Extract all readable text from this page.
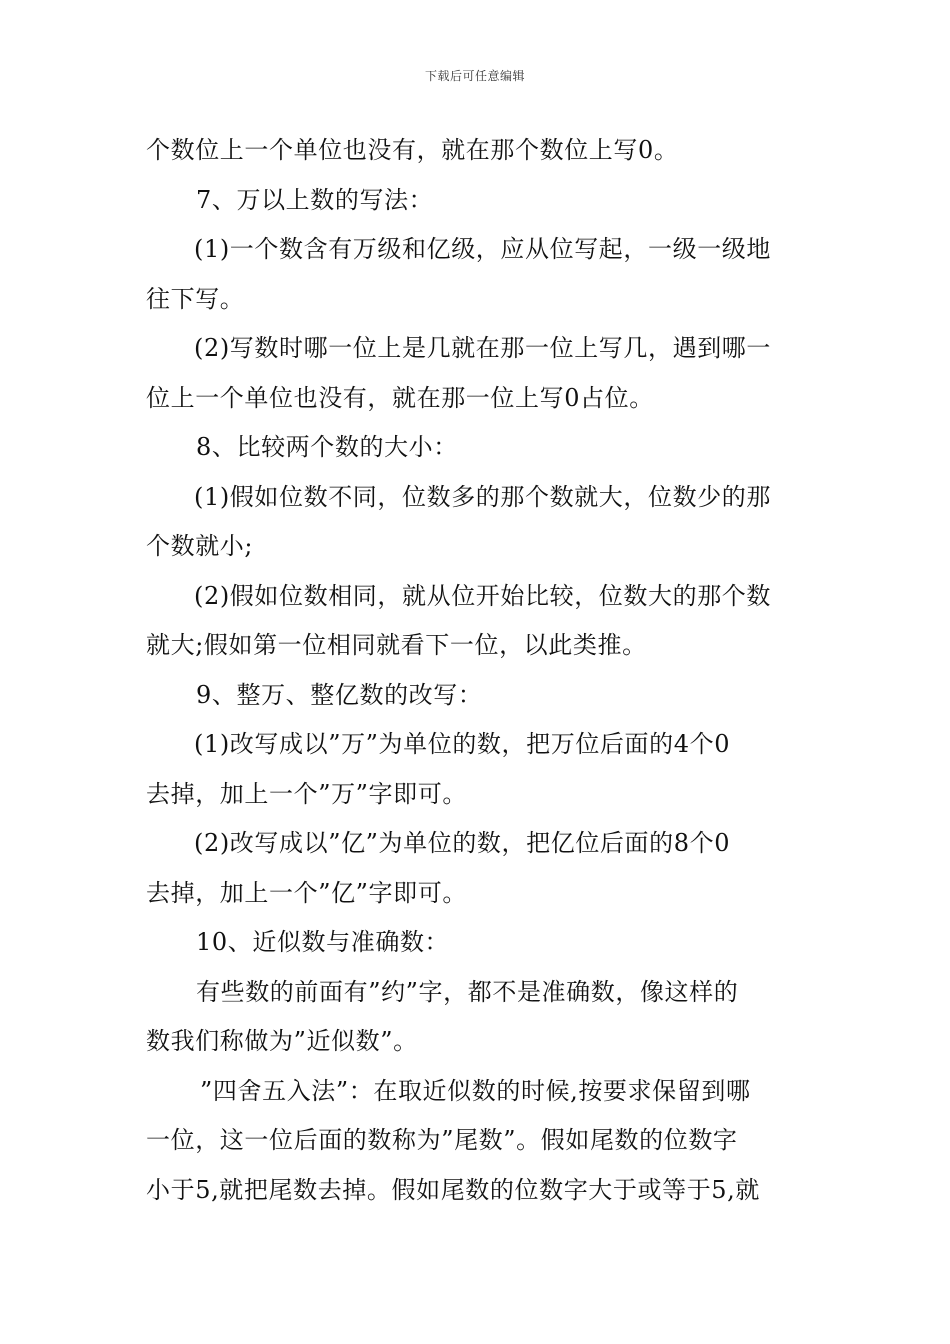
下载后可任意编辑
个数位上一个单位也没有，就在那个数位上写0。
7、万以上数的写法：
(1)一个数含有万级和亿级，应从位写起，一级一级地
往下写。
(2)写数时哪一位上是几就在那一位上写几，遇到哪一
位上一个单位也没有，就在那一位上写0占位。
8、比较两个数的大小：
(1)假如位数不同，位数多的那个数就大，位数少的那
个数就小;
(2)假如位数相同，就从位开始比较，位数大的那个数
就大;假如第一位相同就看下一位，以此类推。
9、整万、整亿数的改写：
(1)改写成以”万”为单位的数，把万位后面的4个0
去掉，加上一个”万”字即可。
(2)改写成以”亿”为单位的数，把亿位后面的8个0
去掉，加上一个”亿”字即可。
10、近似数与准确数：
有些数的前面有”约”字，都不是准确数，像这样的
数我们称做为”近似数”。
”四舍五入法”：在取近似数的时候,按要求保留到哪
一位，这一位后面的数称为”尾数”。假如尾数的位数字
小于5,就把尾数去掉。假如尾数的位数字大于或等于5,就
